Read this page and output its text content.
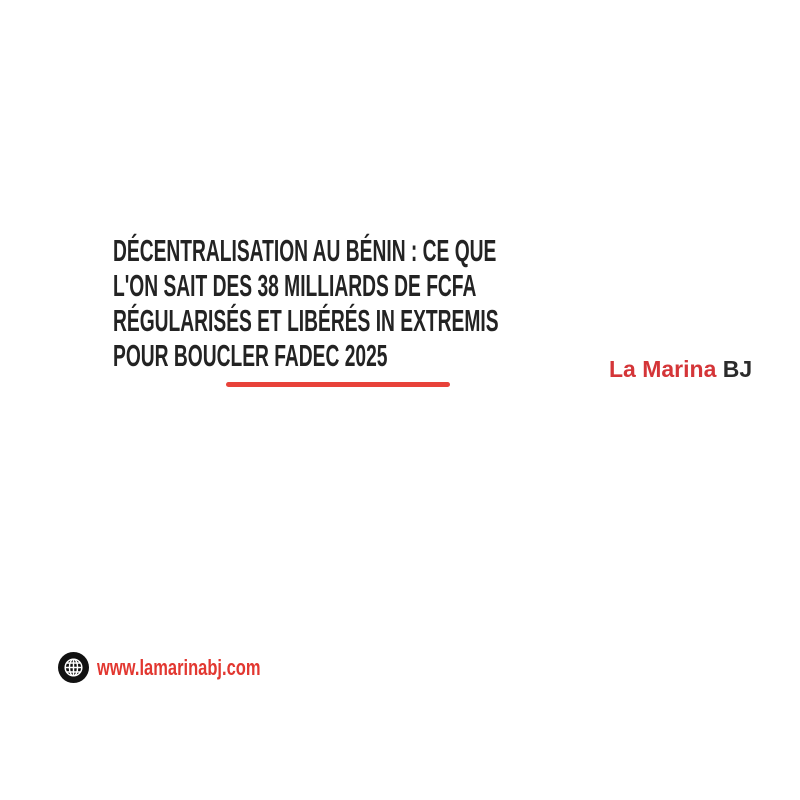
DÉCENTRALISATION AU BÉNIN : CE QUE
L'ON SAIT DES 38 MILLIARDS DE FCFA
RÉGULARISÉS ET LIBÉRÉS IN EXTREMIS
POUR BOUCLER FADEC 2025	La Marina BJ
www.lamarinabj.com
